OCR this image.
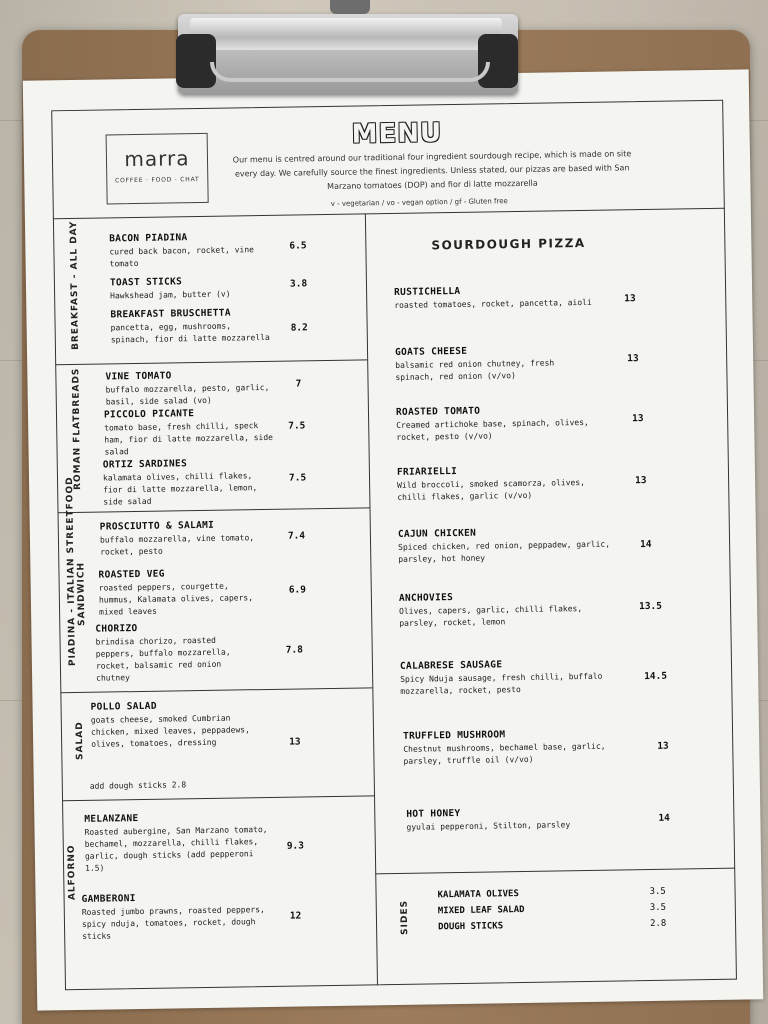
marra
COFFEE · FOOD · CHAT
MENU
Our menu is centred around our traditional four ingredient sourdough recipe, which is made on site every day. We carefully source the finest ingredients. Unless stated, our pizzas are based with San Marzano tomatoes (DOP) and fior di latte mozzarella
v - vegetarian / vo - vegan option / gf - Gluten free
BREAKFAST - ALL DAY	BACON PIADINA
cured back bacon, rocket, vine tomato
6.5
TOAST STICKS
Hawkshead jam, butter (v)
3.8
BREAKFAST BRUSCHETTA
pancetta, egg, mushrooms, spinach, fior di latte mozzarella
8.2
ROMAN FLATBREADS VINE TOMATO
buffalo mozzarella, pesto, garlic, basil, side salad (vo)
7
PICCOLO PICANTE
tomato base, fresh chilli, speck ham, fior di latte mozzarella, side salad
7.5
ORTIZ SARDINES
kalamata olives, chilli flakes, fior di latte mozzarella, lemon, side salad
7.5
PIADINA - ITALIAN STREETFOOD
SANDWICH
PROSCIUTTO & SALAMI
buffalo mozzarella, vine tomato, rocket, pesto
7.4
ROASTED VEG
roasted peppers, courgette, hummus, Kalamata olives, capers, mixed leaves
6.9
CHORIZO
brindisa chorizo, roasted peppers, buffalo mozzarella, rocket, balsamic red onion chutney
7.8
SALAD
POLLO SALAD
goats cheese, smoked Cumbrian chicken, mixed leaves, peppadews, olives, tomatoes, dressing	13
add dough sticks 2.8
ALFORNO
MELANZANE
Roasted aubergine, San Marzano tomato, bechamel, mozzarella, chilli flakes, garlic, dough sticks (add pepperoni 1.5)
9.3
GAMBERONI
Roasted jumbo prawns, roasted peppers, spicy nduja, tomatoes, rocket, dough sticks
12
SOURDOUGH PIZZA
RUSTICHELLA
roasted tomatoes, rocket, pancetta, aioli	13
GOATS CHEESE
balsamic red onion chutney, fresh spinach, red onion (v/vo)
13
ROASTED TOMATO
Creamed artichoke base, spinach, olives, rocket, pesto (v/vo)
13
FRIARIELLI
Wild broccoli, smoked scamorza, olives, chilli flakes, garlic (v/vo)
13
CAJUN CHICKEN
Spiced chicken, red onion, peppadew, garlic, parsley, hot honey
14
ANCHOVIES
Olives, capers, garlic, chilli flakes, parsley, rocket, lemon
13.5
CALABRESE SAUSAGE
Spicy Nduja sausage, fresh chilli, buffalo mozzarella, rocket, pesto
14.5
TRUFFLED MUSHROOM
Chestnut mushrooms, bechamel base, garlic, parsley, truffle oil (v/vo)
13
HOT HONEY
gyulai pepperoni, Stilton, parsley
14
SIDES
KALAMATA OLIVES	3.5
MIXED LEAF SALAD	3.5
DOUGH STICKS	2.8
